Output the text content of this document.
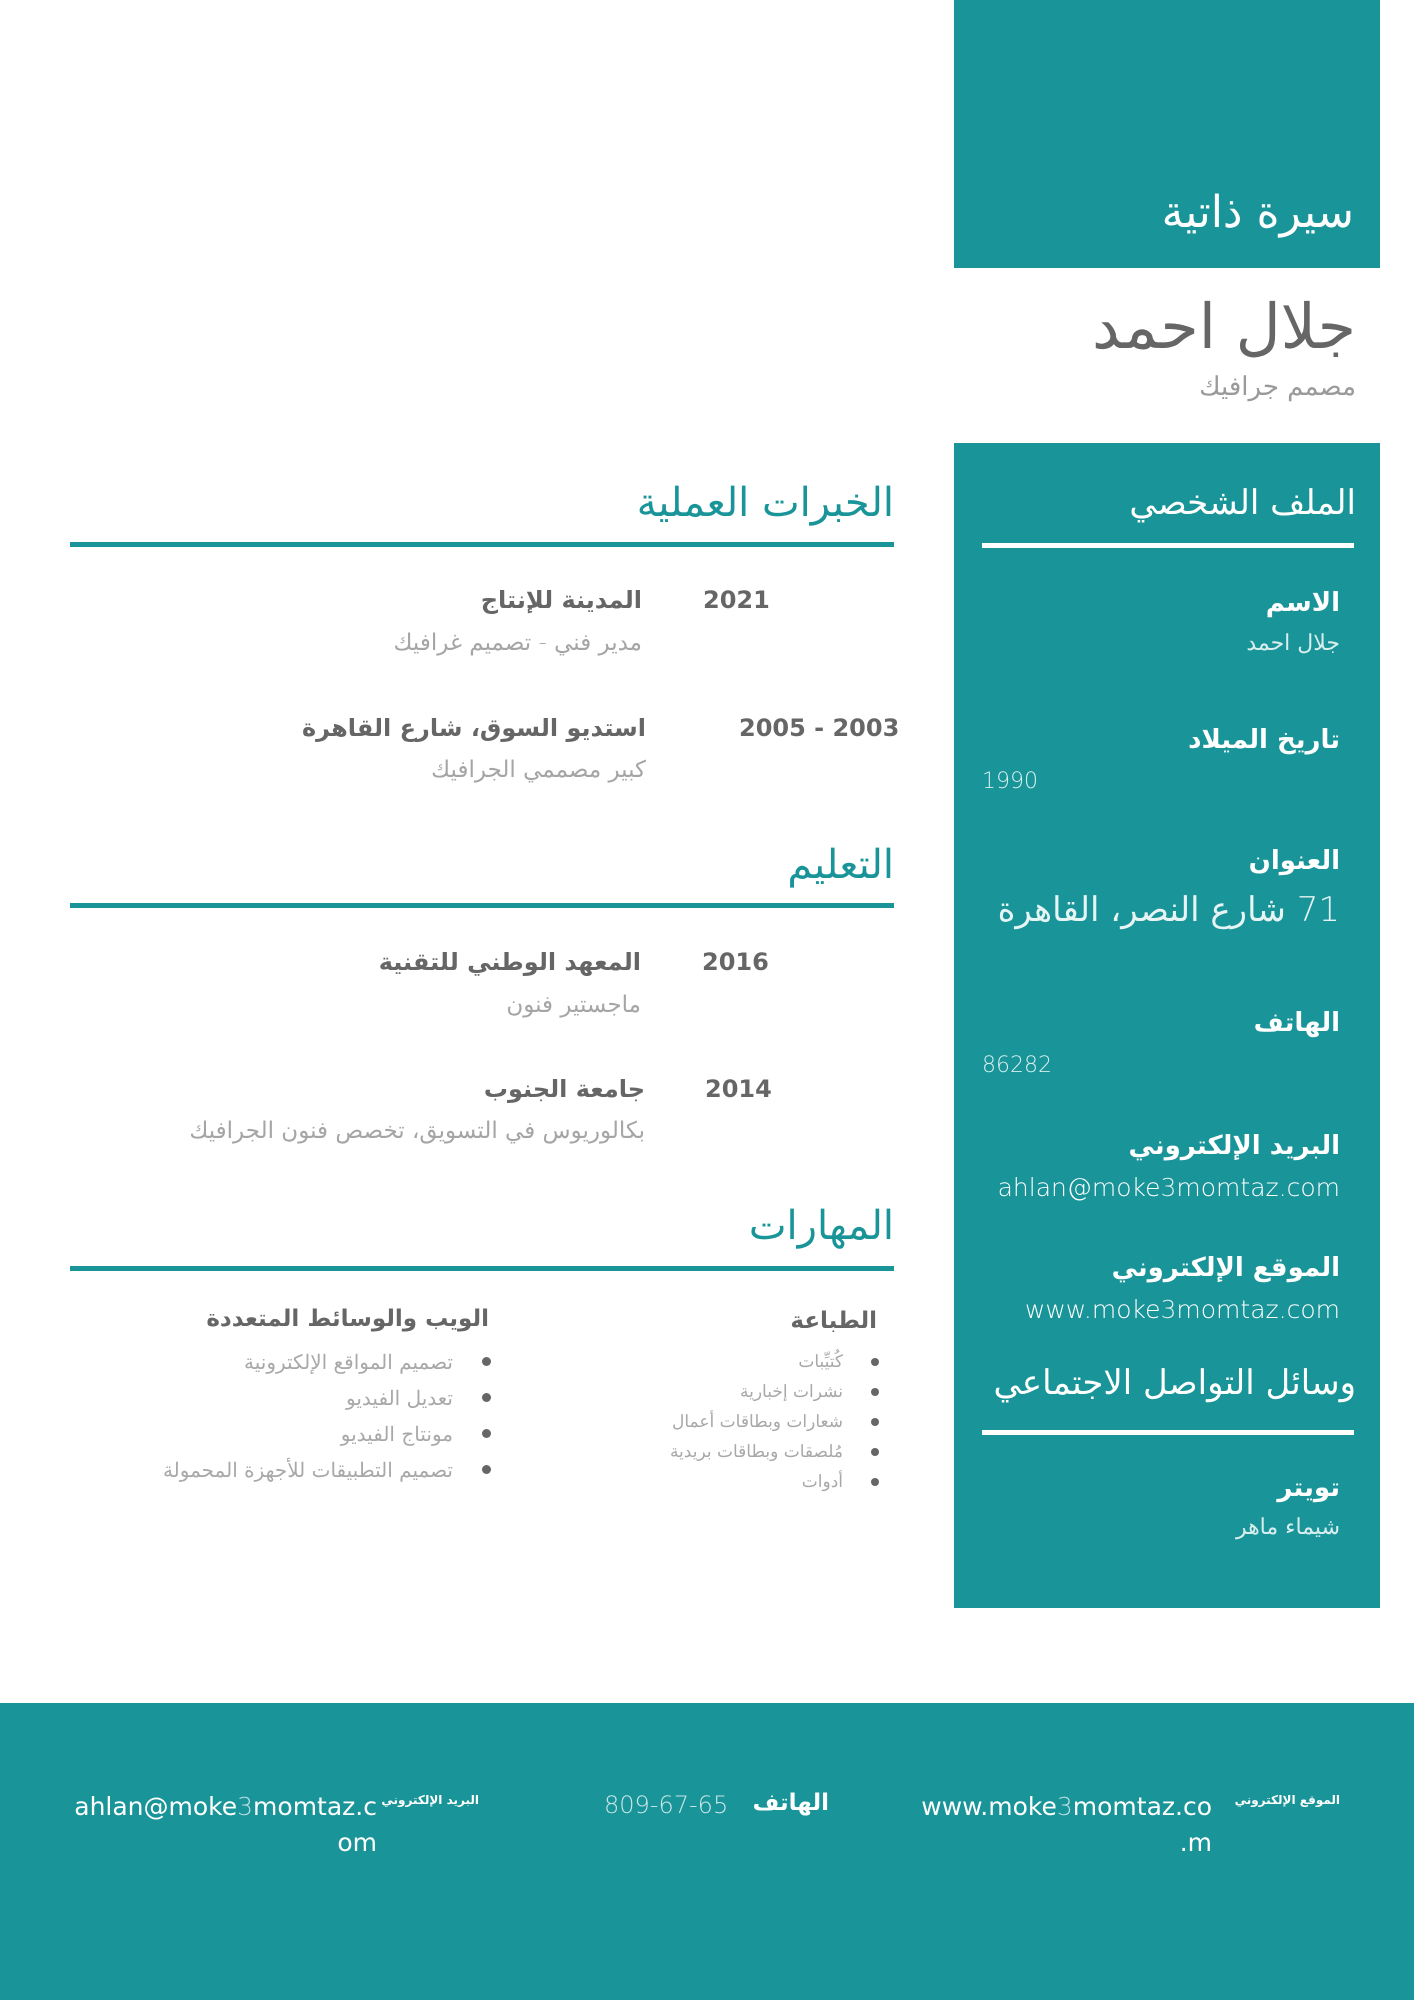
سيرة ذاتية
جلال احمد
مصمم جرافيك
الملف الشخصي
الاسم
جلال احمد
تاريخ الميلاد
1990
العنوان
71 شارع النصر، القاهرة
الهاتف
86282
البريد الإلكتروني
ahlan@moke3momtaz.com
الموقع الإلكتروني
www.moke3momtaz.com
وسائل التواصل الاجتماعي
تويتر
شيماء ماهر
الخبرات العملية
2021
المدينة للإنتاج
مدير فني - تصميم غرافيك
2005 - 2003
استديو السوق، شارع القاهرة
كبير مصممي الجرافيك
التعليم
2016
المعهد الوطني للتقنية
ماجستير فنون
2014
جامعة الجنوب
بكالوريوس في التسويق، تخصص فنون الجرافيك
المهارات
الطباعة
كُتيِّبات
نشرات إخبارية
شعارات وبطاقات أعمال
مُلصقات وبطاقات بريدية
أدوات
الويب والوسائط المتعددة
تصميم المواقع الإلكترونية
تعديل الفيديو
مونتاج الفيديو
تصميم التطبيقات للأجهزة المحمولة
الموقع الإلكتروني
www.moke3momtaz.co
.m
الهاتف
809-67-65
البريد الإلكتروني
ahlan@moke3momtaz.c
om
